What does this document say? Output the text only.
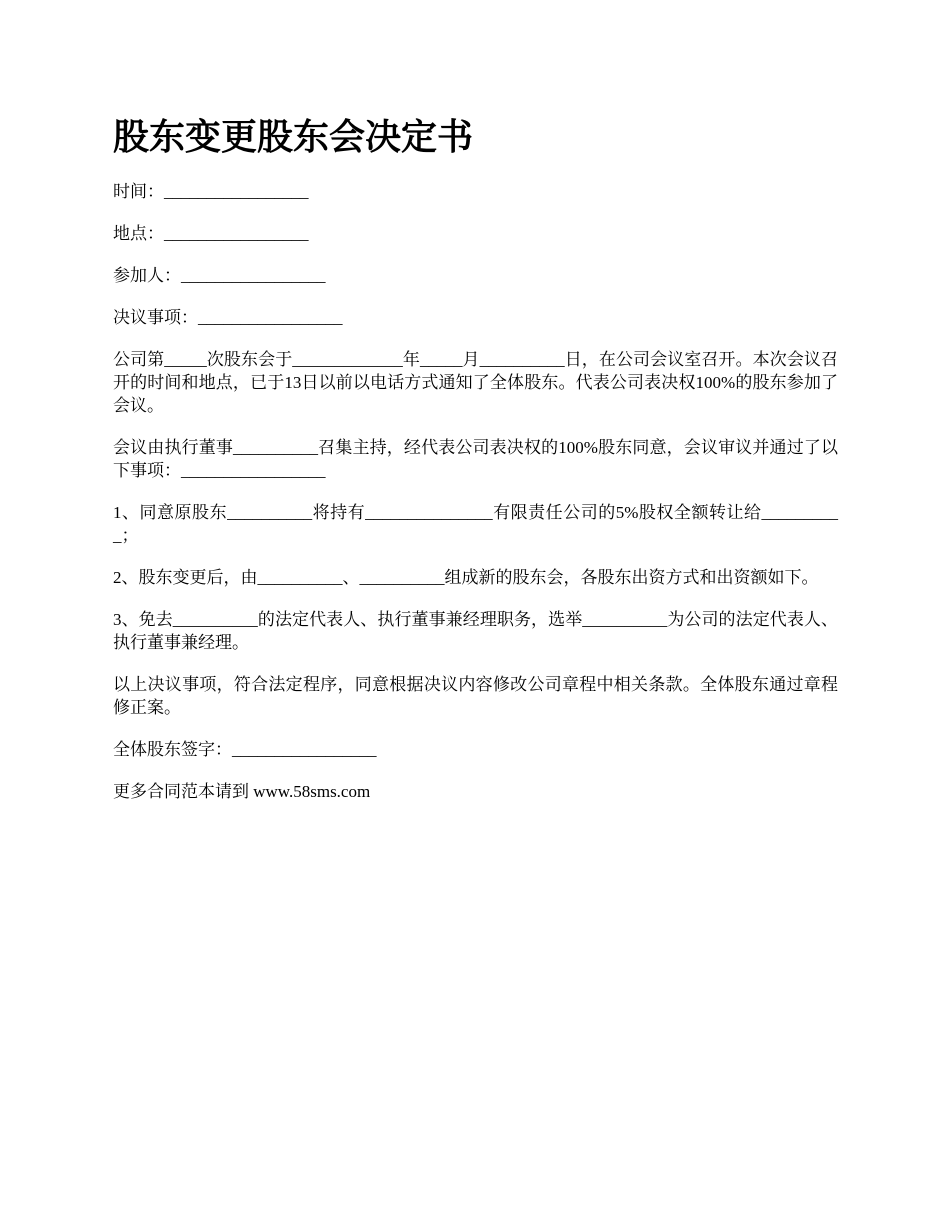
股东变更股东会决定书
时间：_________________
地点：_________________
参加人：_________________
决议事项：_________________
公司第_____次股东会于_____________年_____月__________日，在公司会议室召开。本次会议召开的时间和地点，已于13日以前以电话方式通知了全体股东。代表公司表决权100%的股东参加了会议。
会议由执行董事__________召集主持，经代表公司表决权的100%股东同意，会议审议并通过了以下事项：_________________
1、同意原股东__________将持有_______________有限责任公司的5%股权全额转让给__________；
2、股东变更后，由__________、__________组成新的股东会，各股东出资方式和出资额如下。
3、免去__________的法定代表人、执行董事兼经理职务，选举__________为公司的法定代表人、执行董事兼经理。
以上决议事项，符合法定程序，同意根据决议内容修改公司章程中相关条款。全体股东通过章程修正案。
全体股东签字：_________________
更多合同范本请到 www.58sms.com
